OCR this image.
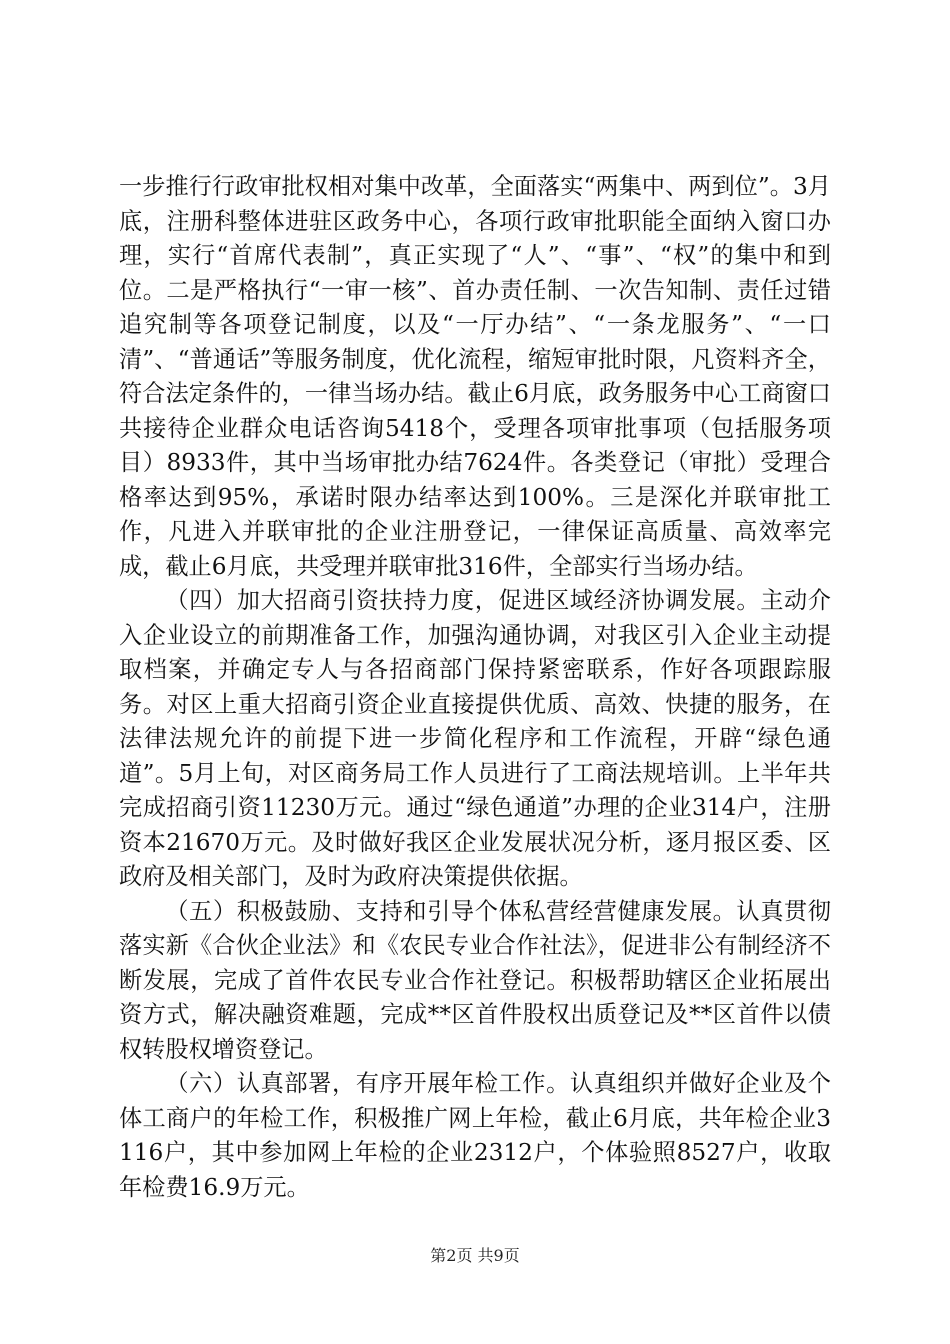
一步推行行政审批权相对集中改革，全面落实“两集中、两到位”。3月底，注册科整体进驻区政务中心，各项行政审批职能全面纳入窗口办理，实行“首席代表制”，真正实现了“人”、“事”、“权”的集中和到位。二是严格执行“一审一核”、首办责任制、一次告知制、责任过错追究制等各项登记制度，以及“一厅办结”、“一条龙服务”、“一口清”、“普通话”等服务制度，优化流程，缩短审批时限，凡资料齐全，符合法定条件的，一律当场办结。截止6月底，政务服务中心工商窗口共接待企业群众电话咨询5418个，受理各项审批事项（包括服务项目）8933件，其中当场审批办结7624件。各类登记（审批）受理合格率达到95%，承诺时限办结率达到100%。三是深化并联审批工作，凡进入并联审批的企业注册登记，一律保证高质量、高效率完成，截止6月底，共受理并联审批316件，全部实行当场办结。

（四）加大招商引资扶持力度，促进区域经济协调发展。主动介入企业设立的前期准备工作，加强沟通协调，对我区引入企业主动提取档案，并确定专人与各招商部门保持紧密联系，作好各项跟踪服务。对区上重大招商引资企业直接提供优质、高效、快捷的服务，在法律法规允许的前提下进一步简化程序和工作流程，开辟“绿色通道”。5月上旬，对区商务局工作人员进行了工商法规培训。上半年共完成招商引资11230万元。通过“绿色通道”办理的企业314户，注册资本21670万元。及时做好我区企业发展状况分析，逐月报区委、区政府及相关部门，及时为政府决策提供依据。

（五）积极鼓励、支持和引导个体私营经营健康发展。认真贯彻落实新《合伙企业法》和《农民专业合作社法》，促进非公有制经济不断发展，完成了首件农民专业合作社登记。积极帮助辖区企业拓展出资方式，解决融资难题，完成**区首件股权出质登记及**区首件以债权转股权增资登记。

（六）认真部署，有序开展年检工作。认真组织并做好企业及个体工商户的年检工作，积极推广网上年检，截止6月底，共年检企业3116户，其中参加网上年检的企业2312户，个体验照8527户，收取年检费16.9万元。

第2页 共9页
